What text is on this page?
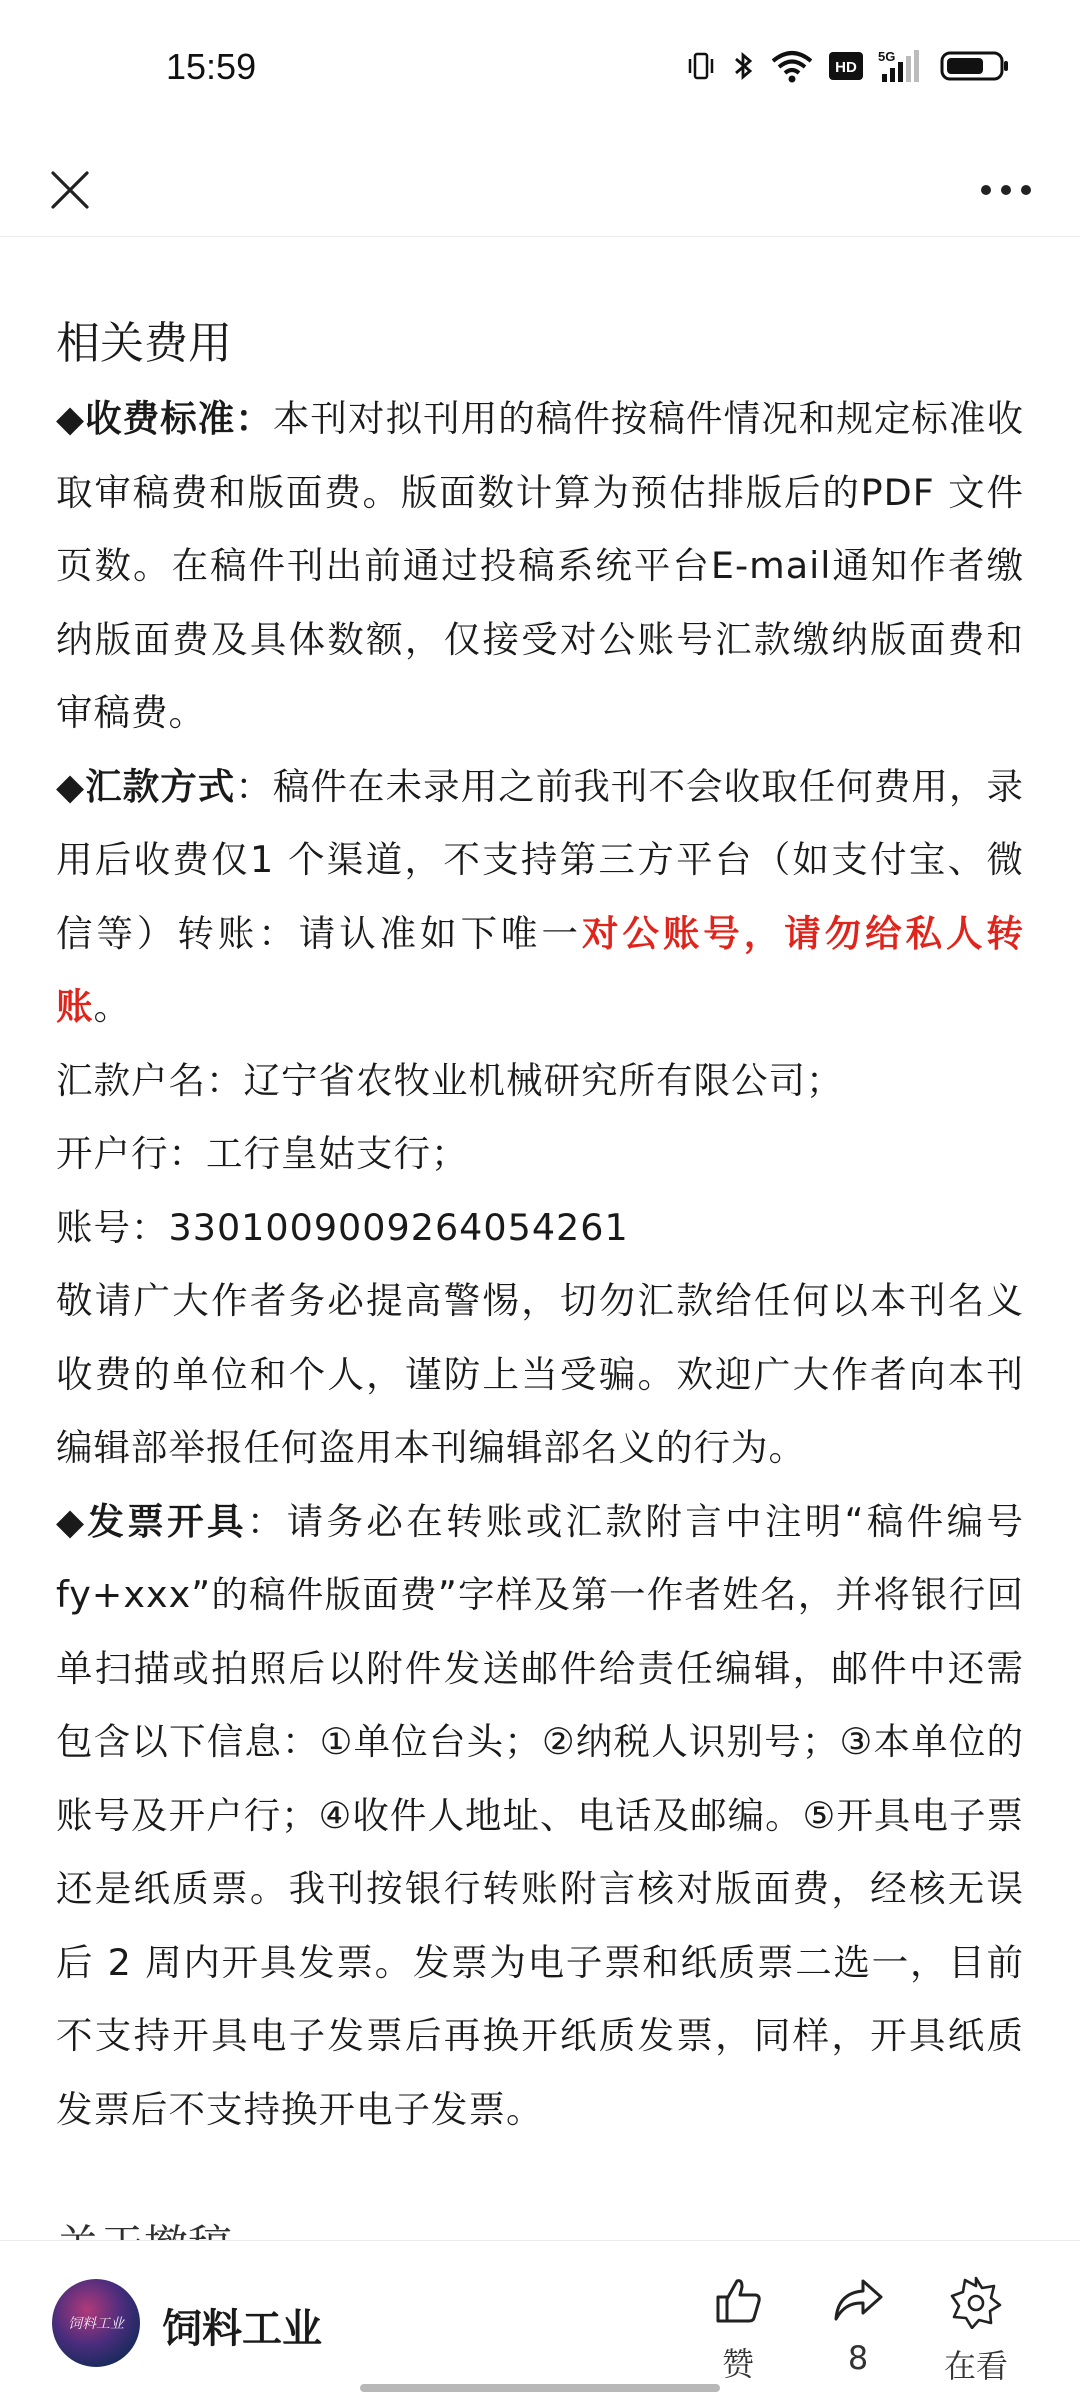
15:59	HD
5G
相关费用

◆收费标准：本刊对拟刊用的稿件按稿件情况和规定标准收取审稿费和版面费。版面数计算为预估排版后的PDF 文件页数。在稿件刊出前通过投稿系统平台E-mail通知作者缴纳版面费及具体数额，仅接受对公账号汇款缴纳版面费和审稿费。

◆汇款方式：稿件在未录用之前我刊不会收取任何费用，录用后收费仅1 个渠道，不支持第三方平台（如支付宝、微信等）转账：请认准如下唯一对公账号，请勿给私人转账。

汇款户名：辽宁省农牧业机械研究所有限公司；

开户行：工行皇姑支行；

账号：3301009009264054261

敬请广大作者务必提高警惕，切勿汇款给任何以本刊名义收费的单位和个人，谨防上当受骗。欢迎广大作者向本刊编辑部举报任何盗用本刊编辑部名义的行为。

◆发票开具：请务必在转账或汇款附言中注明“稿件编号fy+xxx”的稿件版面费”字样及第一作者姓名，并将银行回单扫描或拍照后以附件发送邮件给责任编辑，邮件中还需包含以下信息：①单位台头；②纳税人识别号；③本单位的账号及开户行；④收件人地址、电话及邮编。⑤开具电子票还是纸质票。我刊按银行转账附言核对版面费，经核无误后 2 周内开具发票。发票为电子票和纸质票二选一，目前不支持开具电子发票后再换开纸质发票，同样，开具纸质发票后不支持换开电子发票。

饲料工业 饲料工业
赞	8	在看
